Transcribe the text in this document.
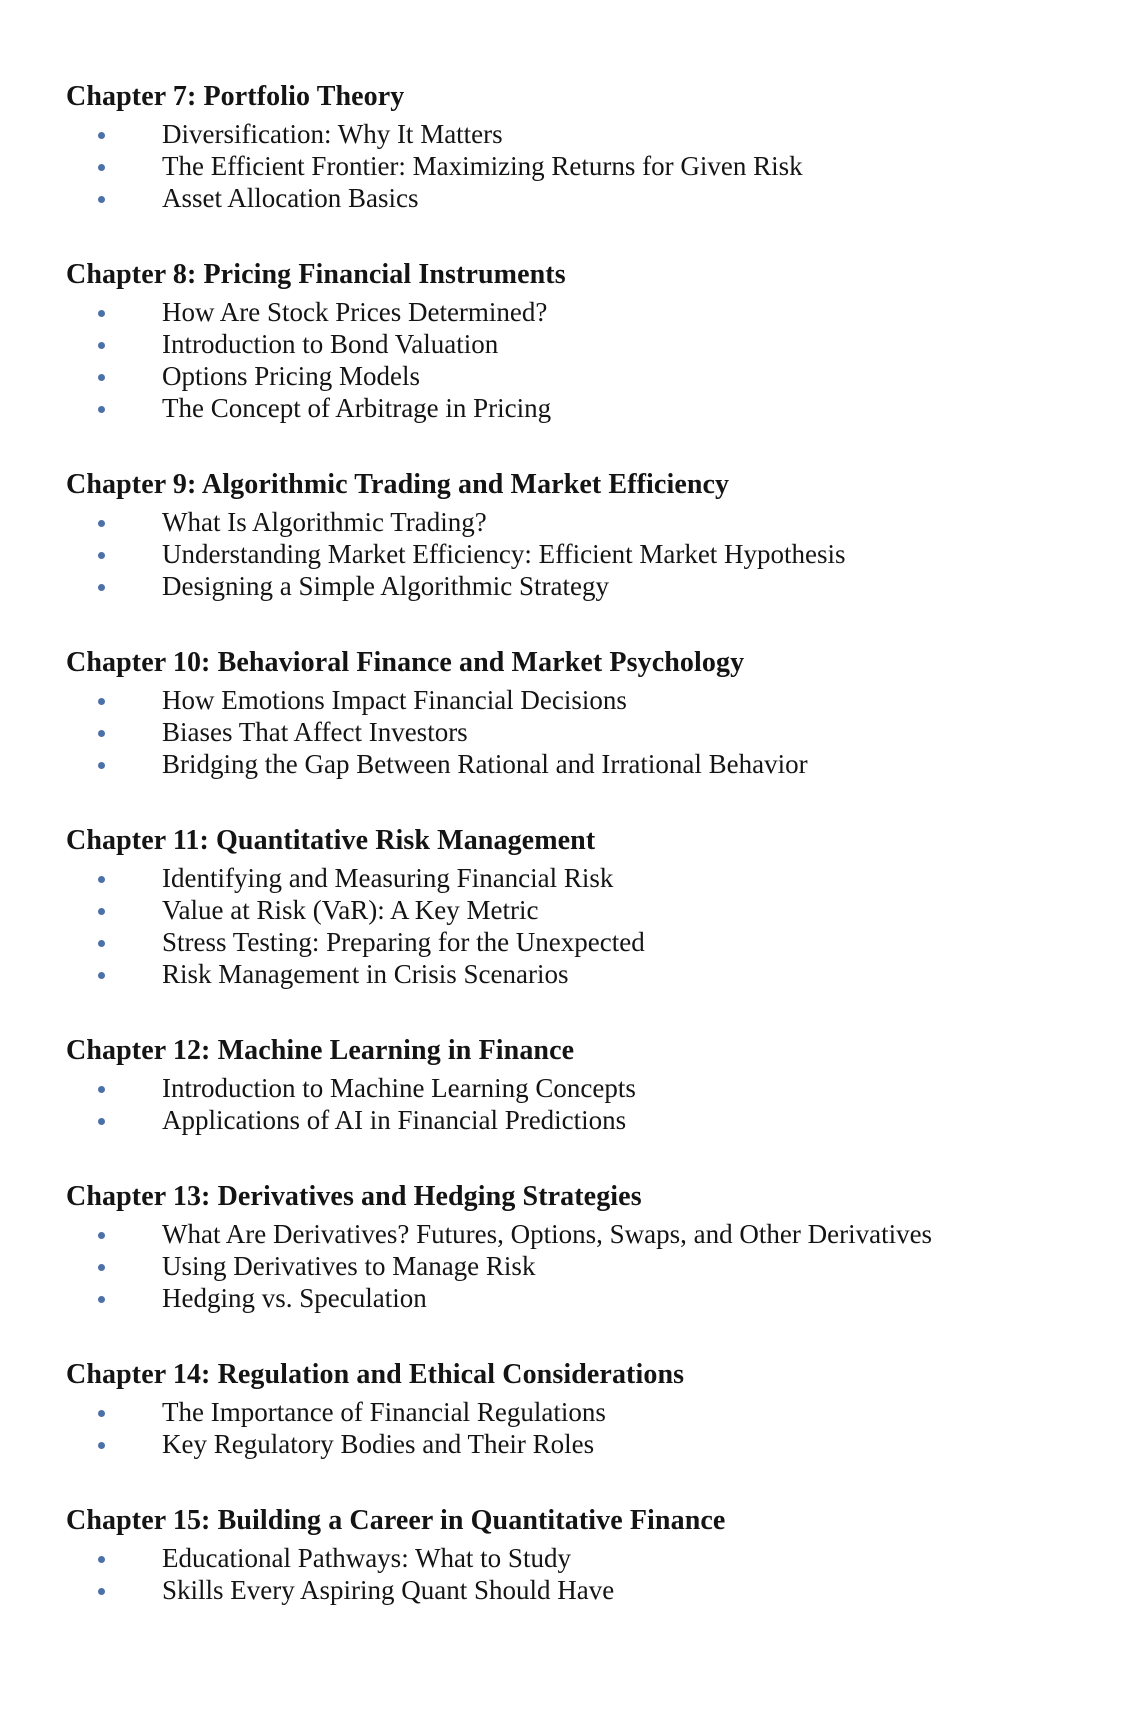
Chapter 7: Portfolio Theory
Diversification: Why It Matters
The Efficient Frontier: Maximizing Returns for Given Risk
Asset Allocation Basics
Chapter 8: Pricing Financial Instruments
How Are Stock Prices Determined?
Introduction to Bond Valuation
Options Pricing Models
The Concept of Arbitrage in Pricing
Chapter 9: Algorithmic Trading and Market Efficiency
What Is Algorithmic Trading?
Understanding Market Efficiency: Efficient Market Hypothesis
Designing a Simple Algorithmic Strategy
Chapter 10: Behavioral Finance and Market Psychology
How Emotions Impact Financial Decisions
Biases That Affect Investors
Bridging the Gap Between Rational and Irrational Behavior
Chapter 11: Quantitative Risk Management
Identifying and Measuring Financial Risk
Value at Risk (VaR): A Key Metric
Stress Testing: Preparing for the Unexpected
Risk Management in Crisis Scenarios
Chapter 12: Machine Learning in Finance
Introduction to Machine Learning Concepts
Applications of AI in Financial Predictions
Chapter 13: Derivatives and Hedging Strategies
What Are Derivatives? Futures, Options, Swaps, and Other Derivatives
Using Derivatives to Manage Risk
Hedging vs. Speculation
Chapter 14: Regulation and Ethical Considerations
The Importance of Financial Regulations
Key Regulatory Bodies and Their Roles
Chapter 15: Building a Career in Quantitative Finance
Educational Pathways: What to Study
Skills Every Aspiring Quant Should Have
